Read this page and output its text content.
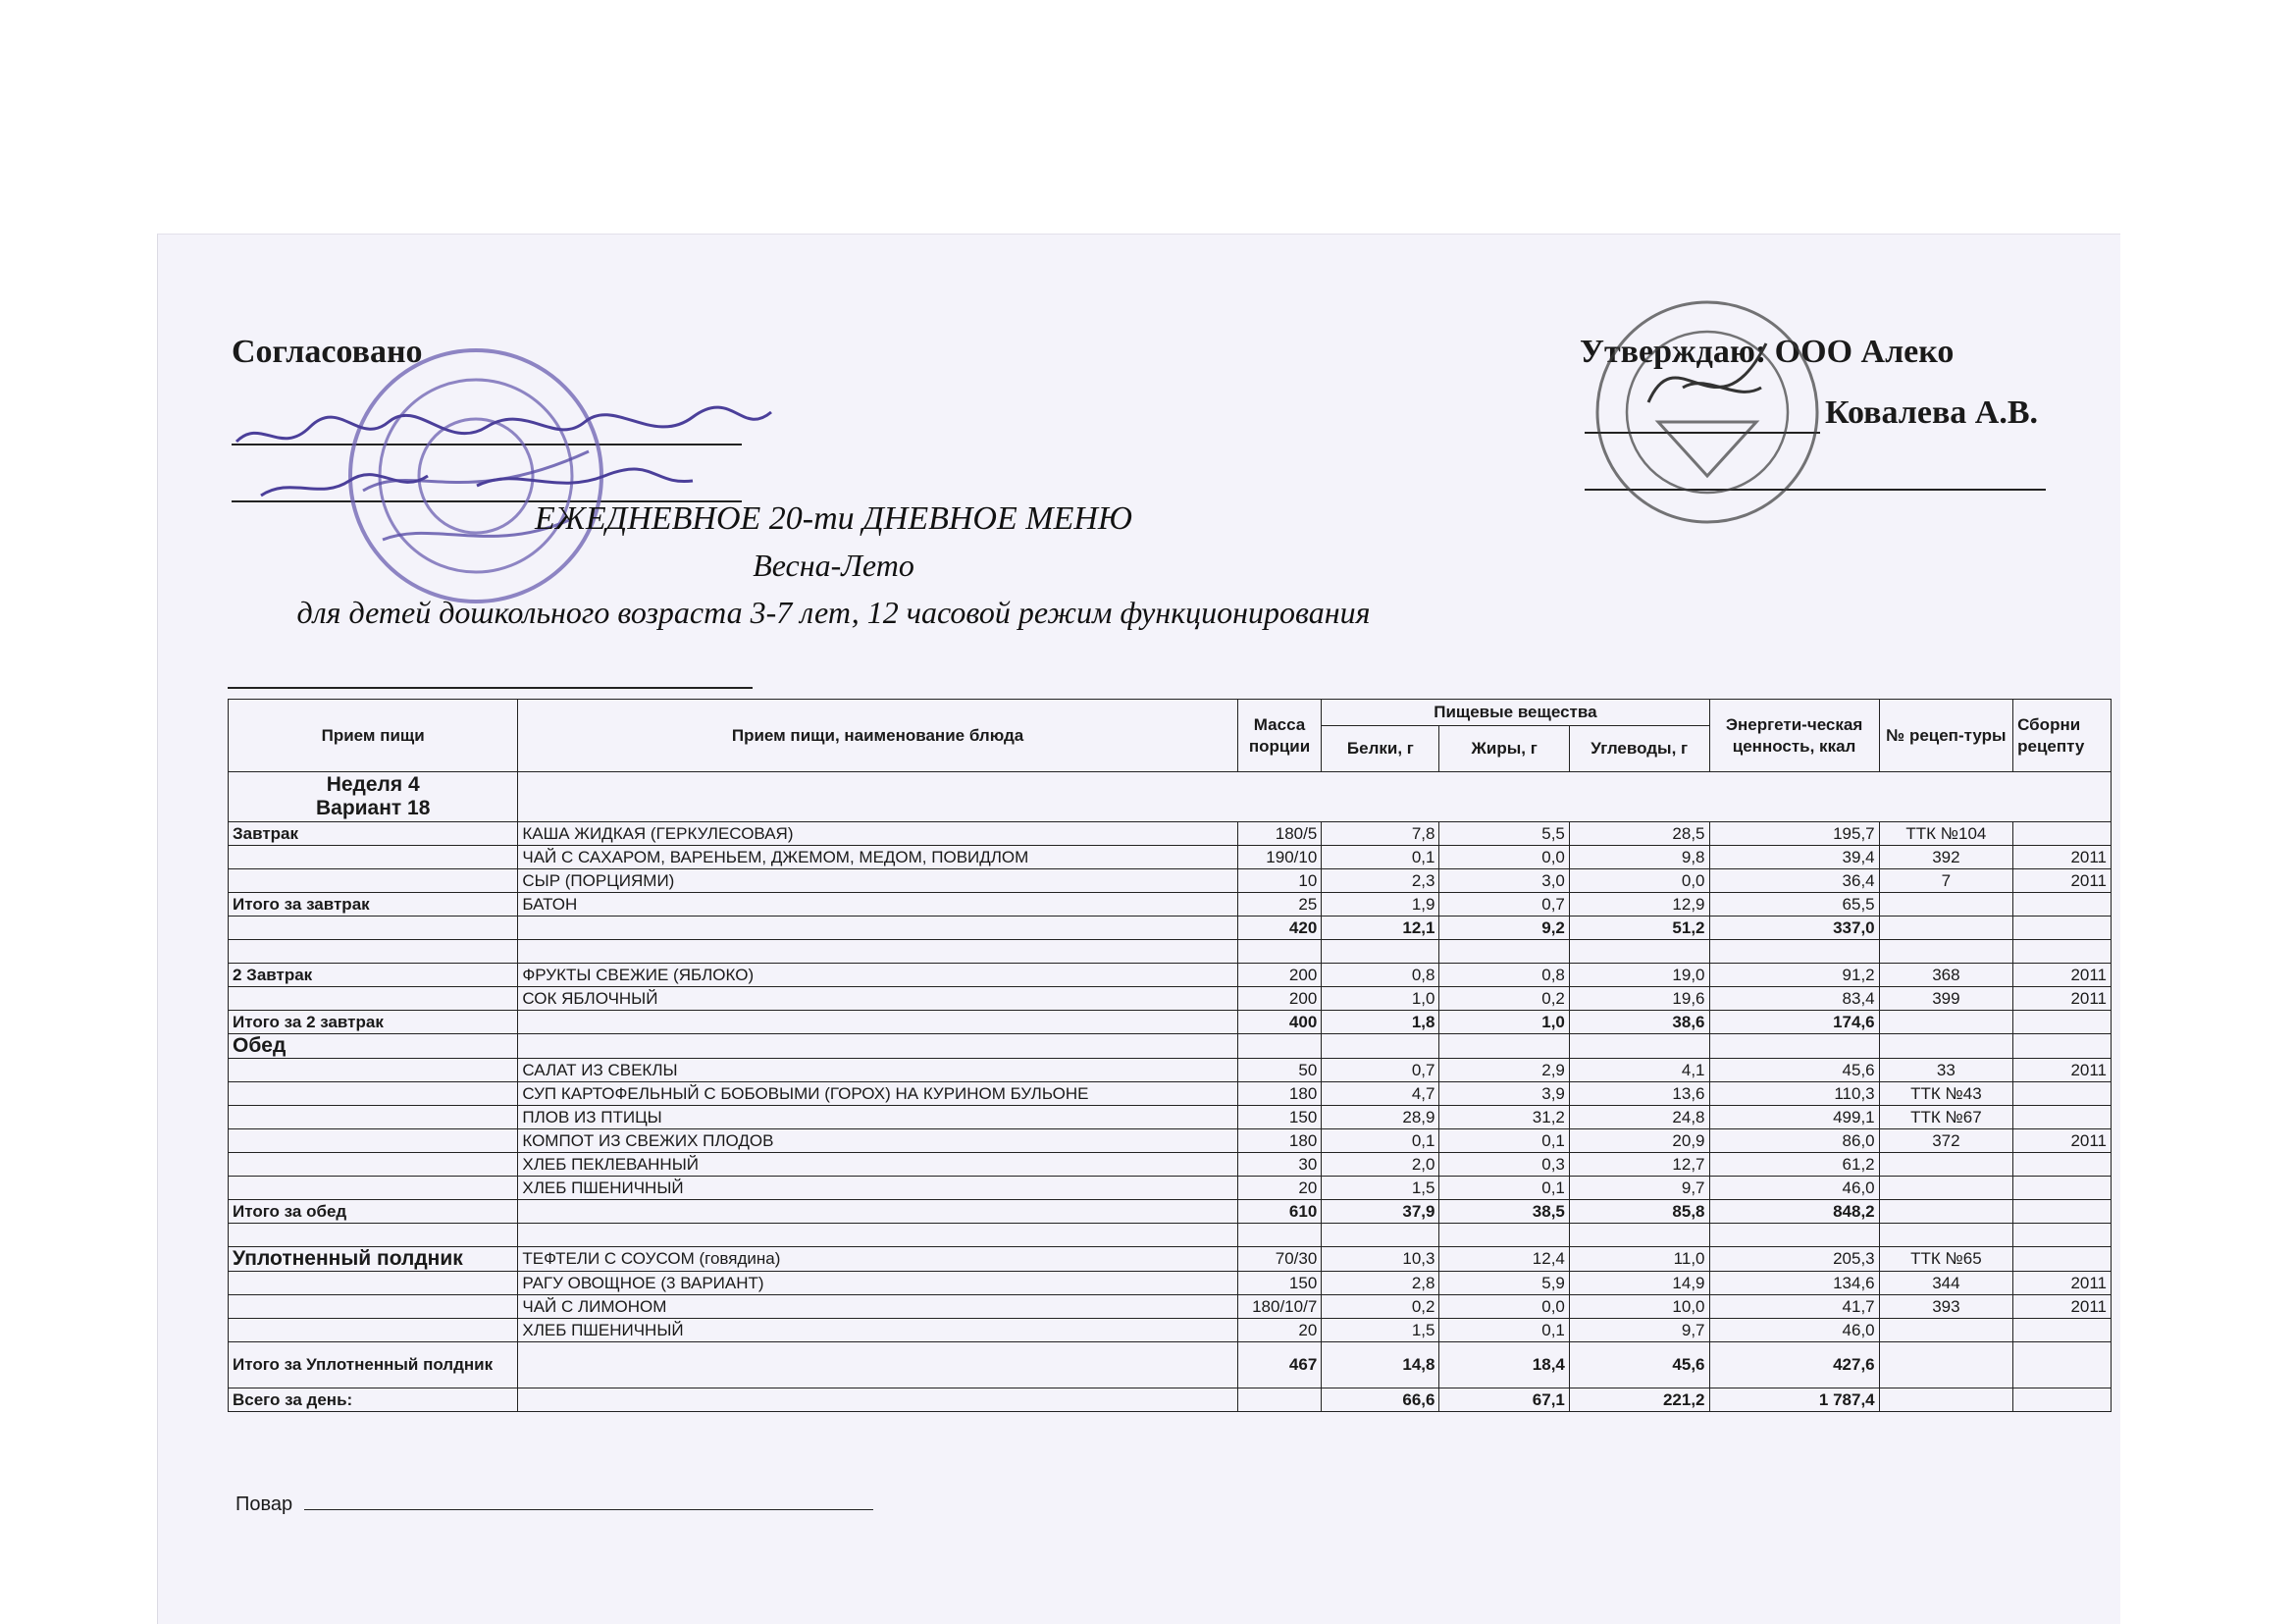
Согласовано	Утверждаю: ООО Алеко
Ковалева А.В.
ЕЖЕДНЕВНОЕ 20-ти ДНЕВНОЕ МЕНЮ
Весна-Лето
для детей дошкольного возраста 3-7 лет, 12 часовой режим функционирования
Прием пищи	Прием пищи, наименование блюда	Масса порции	Пищевые вещества			Энергети-ческая ценность, ккал	№ рецеп-туры	Сборни рецепту
			Белки, г	Жиры, г	Углеводы, г			

Неделя 4
Вариант 18								

Завтрак	КАША ЖИДКАЯ (ГЕРКУЛЕСОВАЯ)	180/5	7,8	5,5	28,5	195,7	ТТК №104	
	ЧАЙ С САХАРОМ, ВАРЕНЬЕМ, ДЖЕМОМ, МЕДОМ, ПОВИДЛОМ	190/10	0,1	0,0	9,8	39,4	392	2011
	СЫР (ПОРЦИЯМИ)	10	2,3	3,0	0,0	36,4	7	2011
Итого за завтрак	БАТОН	25	1,9	0,7	12,9	65,5		
		420	12,1	9,2	51,2	337,0		

2 Завтрак	ФРУКТЫ СВЕЖИЕ (ЯБЛОКО)	200	0,8	0,8	19,0	91,2	368	2011
	СОК ЯБЛОЧНЫЙ	200	1,0	0,2	19,6	83,4	399	2011
Итого за 2 завтрак		400	1,8	1,0	38,6	174,6		
Обед								
	САЛАТ ИЗ СВЕКЛЫ	50	0,7	2,9	4,1	45,6	33	2011
	СУП КАРТОФЕЛЬНЫЙ С БОБОВЫМИ (ГОРОХ) НА КУРИНОМ БУЛЬОНЕ	180	4,7	3,9	13,6	110,3	ТТК №43	
	ПЛОВ ИЗ ПТИЦЫ	150	28,9	31,2	24,8	499,1	ТТК №67	
	КОМПОТ ИЗ СВЕЖИХ ПЛОДОВ	180	0,1	0,1	20,9	86,0	372	2011
	ХЛЕБ ПЕКЛЕВАННЫЙ	30	2,0	0,3	12,7	61,2		
	ХЛЕБ ПШЕНИЧНЫЙ	20	1,5	0,1	9,7	46,0		
Итого за обед		610	37,9	38,5	85,8	848,2		

Уплотненный полдник	ТЕФТЕЛИ С СОУСОМ (говядина)	70/30	10,3	12,4	11,0	205,3	ТТК №65	
	РАГУ ОВОЩНОЕ (3 ВАРИАНТ)	150	2,8	5,9	14,9	134,6	344	2011
	ЧАЙ С ЛИМОНОМ	180/10/7	0,2	0,0	10,0	41,7	393	2011
	ХЛЕБ ПШЕНИЧНЫЙ	20	1,5	0,1	9,7	46,0		
Итого за Уплотненный полдник		467	14,8	18,4	45,6	427,6		
Всего за день:			66,6	67,1	221,2	1 787,4		
Повар
